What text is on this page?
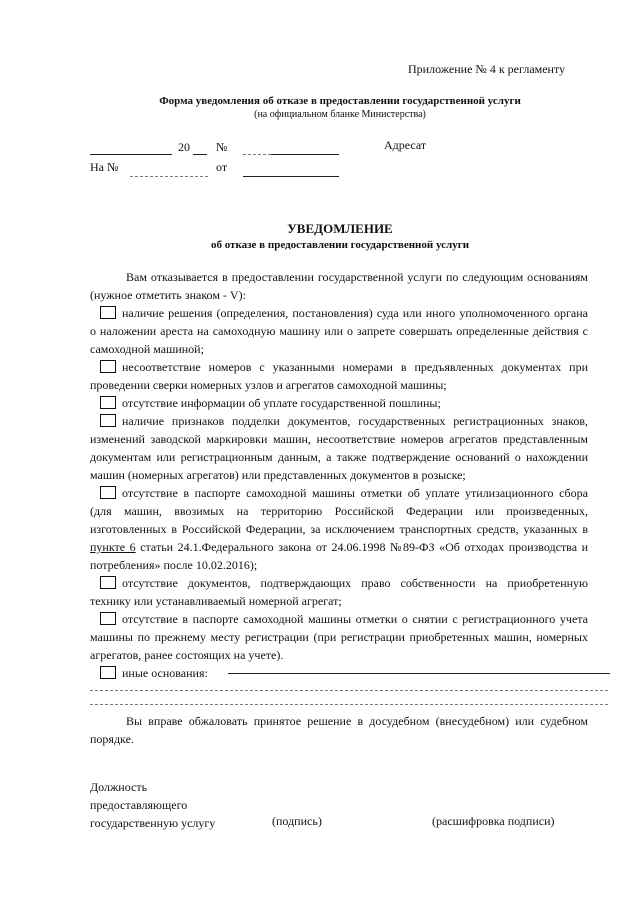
Приложение № 4 к регламенту
Форма уведомления об отказе в предоставлении государственной услуги
(на официальном бланке Министерства)
20 №	Адресат
На №	от
УВЕДОМЛЕНИЕ
об отказе в предоставлении государственной услуги

Вам отказывается в предоставлении государственной услуги по следующим основаниям (нужное отметить знаком - V):

наличие решения (определения, постановления) суда или иного уполномоченного органа о наложении ареста на самоходную машину или о запрете совершать определенные действия с самоходной машиной;

несоответствие номеров с указанными номерами в предъявленных документах при проведении сверки номерных узлов и агрегатов самоходной машины;

отсутствие информации об уплате государственной пошлины;

наличие признаков подделки документов, государственных регистрационных знаков, изменений заводской маркировки машин, несоответствие номеров агрегатов представленным документам или регистрационным данным, а также подтверждение оснований о нахождении машин (номерных агрегатов) или представленных документов в розыске;

отсутствие в паспорте самоходной машины отметки об уплате утилизационного сбора (для машин, ввозимых на территорию Российской Федерации или произведенных, изготовленных в Российской Федерации, за исключением транспортных средств, указанных в пункте 6 статьи 24.1.Федерального закона от 24.06.1998 №89-ФЗ «Об отходах производства и потребления» после 10.02.2016);

отсутствие документов, подтверждающих право собственности на приобретенную технику или устанавливаемый номерной агрегат;

отсутствие в паспорте самоходной машины отметки о снятии с регистрационного учета машины по прежнему месту регистрации (при регистрации приобретенных машин, номерных агрегатов, ранее состоящих на учете).

иные основания:

Вы вправе обжаловать принятое решение в досудебном (внесудебном) или судебном порядке.

Должность
предоставляющего
государственную услугу	(подпись)	(расшифровка подписи)
